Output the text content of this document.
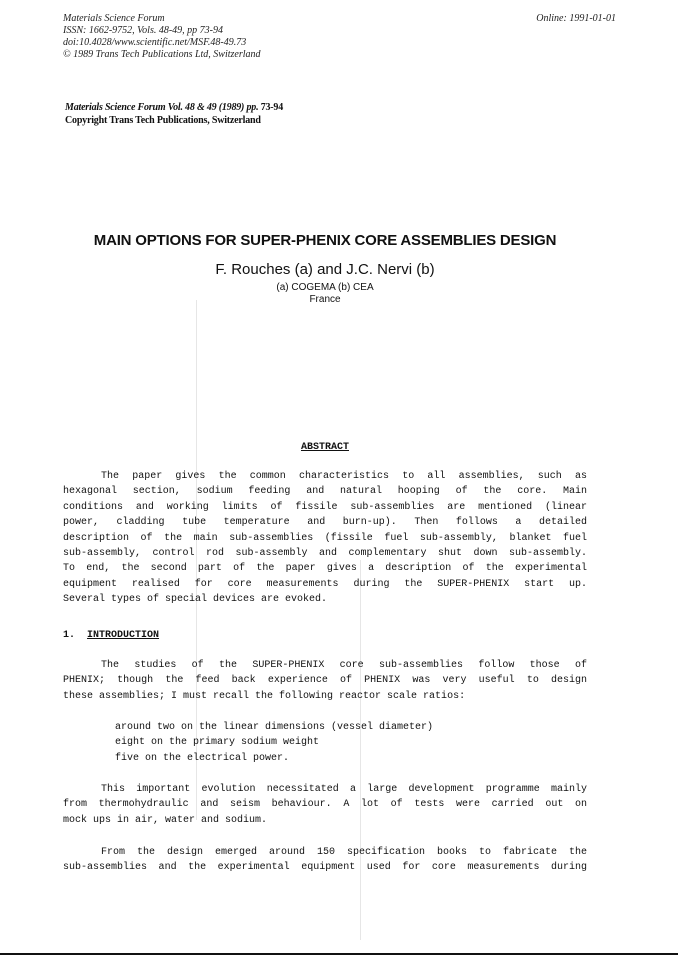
Materials Science Forum
ISSN: 1662-9752, Vols. 48-49, pp 73-94
doi:10.4028/www.scientific.net/MSF.48-49.73
© 1989 Trans Tech Publications Ltd, Switzerland
Online: 1991-01-01
Materials Science Forum Vol. 48 & 49 (1989) pp. 73-94
Copyright Trans Tech Publications, Switzerland
MAIN OPTIONS FOR SUPER-PHENIX CORE ASSEMBLIES DESIGN
F. Rouches (a) and J.C. Nervi (b)
(a) COGEMA (b) CEA
France
ABSTRACT
The paper gives the common characteristics to all assemblies, such as
hexagonal section, sodium feeding and natural hooping of the core. Main
conditions and working limits of fissile sub-assemblies are mentioned (linear
power, cladding tube temperature and burn-up). Then follows a detailed
description of the main sub-assemblies (fissile fuel sub-assembly, blanket fuel
sub-assembly, control rod sub-assembly and complementary shut down sub-assembly.
To end, the second part of the paper gives a description of the experimental
equipment realised for core measurements during the SUPER-PHENIX start up.
Several types of special devices are evoked.
1. INTRODUCTION
The studies of the SUPER-PHENIX core sub-assemblies follow those of
PHENIX; though the feed back experience of PHENIX was very useful to design
these assemblies; I must recall the following reactor scale ratios:
around two on the linear dimensions (vessel diameter)
eight on the primary sodium weight
five on the electrical power.
This important evolution necessitated a large development programme mainly
from thermohydraulic and seism behaviour. A lot of tests were carried out on
mock ups in air, water and sodium.
From the design emerged around 150 specification books to fabricate the
sub-assemblies and the experimental equipment used for core measurements during
